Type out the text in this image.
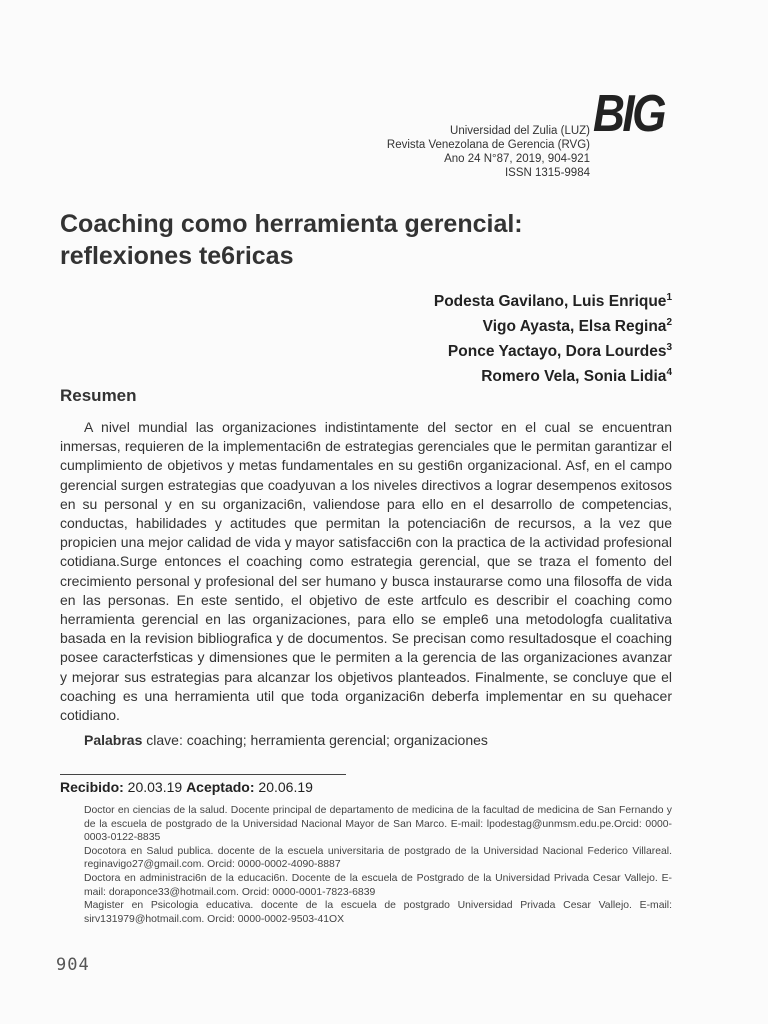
Universidad del Zulia (LUZ)
Revista Venezolana de Gerencia (RVG)
Ano 24 N°87, 2019, 904-921
ISSN 1315-9984
BIG
Coaching como herramienta gerencial:
reflexiones te6ricas
Podesta Gavilano, Luis Enrique$^1$
Vigo Ayasta, Elsa Regina$^2$
Ponce Yactayo, Dora Lourdes$^3$
Romero Vela, Sonia Lidia$^4$
Resumen
A nivel mundial las organizaciones indistintamente del sector en el cual se encuentran inmersas, requieren de la implementaci6n de estrategias gerenciales que le permitan garantizar el cumplimiento de objetivos y metas fundamentales en su gesti6n organizacional. Asf, en el campo gerencial surgen estrategias que coadyuvan a los niveles directivos a lograr desempenos exitosos en su personal y en su organizaci6n, valiendose para ello en el desarrollo de competencias, conductas, habilidades y actitudes que permitan la potenciaci6n de recursos, a la vez que propicien una mejor calidad de vida y mayor satisfacci6n con la practica de la actividad profesional cotidiana.Surge entonces el coaching como estrategia gerencial, que se traza el fomento del crecimiento personal y profesional del ser humano y busca instaurarse como una filosoffa de vida en las personas. En este sentido, el objetivo de este artfculo es describir el coaching como herramienta gerencial en las organizaciones, para ello se emple6 una metodologfa cualitativa basada en la revision bibliografica y de documentos. Se precisan como resultadosque el coaching posee caracterfsticas y dimensiones que le permiten a la gerencia de las organizaciones avanzar y mejorar sus estrategias para alcanzar los objetivos planteados. Finalmente, se concluye que el coaching es una herramienta util que toda organizaci6n deberfa implementar en su quehacer cotidiano.
Palabras clave: coaching; herramienta gerencial; organizaciones
Recibido: 20.03.19 Aceptado: 20.06.19

Doctor en ciencias de la salud. Docente principal de departamento de medicina de la facultad de medicina de San Fernando y de la escuela de postgrado de la Universidad Nacional Mayor de San Marco. E-mail: lpodestag@unmsm.edu.pe.Orcid: 0000-0003-0122-8835

Docotora en Salud publica. docente de la escuela universitaria de postgrado de la Universidad Nacional Federico Villareal. reginavigo27@gmail.com. Orcid: 0000-0002-4090-8887

Doctora en administraci6n de la educaci6n. Docente de la escuela de Postgrado de la Universidad Privada Cesar Vallejo. E-mail: doraponce33@hotmail.com. Orcid: 0000-0001-7823-6839

Magister en Psicologia educativa. docente de la escuela de postgrado Universidad Privada Cesar Vallejo. E-mail: sirv131979@hotmail.com. Orcid: 0000-0002-9503-41OX

904
